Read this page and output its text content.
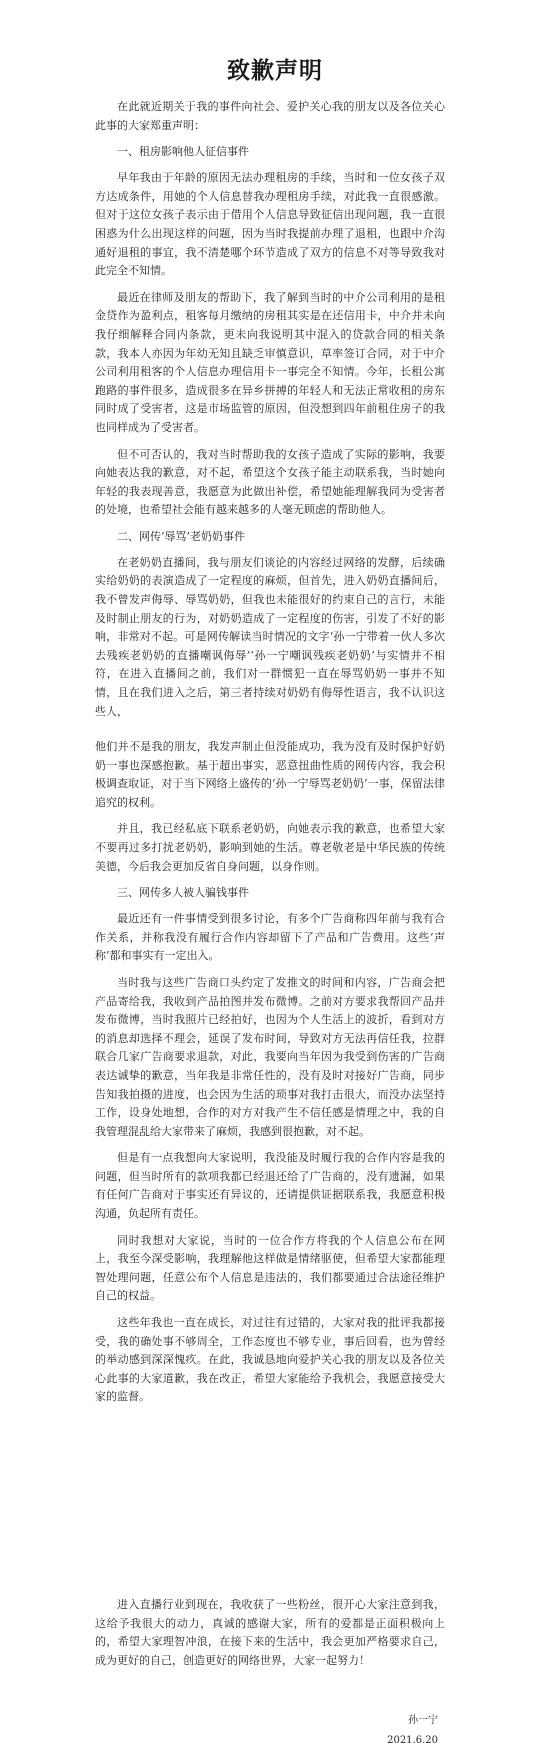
致歉声明

在此就近期关于我的事件向社会、爱护关心我的朋友以及各位关心此事的大家郑重声明：

一、租房影响他人征信事件

早年我由于年龄的原因无法办理租房的手续，当时和一位女孩子双方达成条件，用她的个人信息替我办理租房手续，对此我一直很感激。但对于这位女孩子表示由于借用个人信息导致征信出现问题，我一直很困惑为什么出现这样的问题，因为当时我提前办理了退租，也跟中介沟通好退租的事宜，我不清楚哪个环节造成了双方的信息不对等导致我对此完全不知情。

最近在律师及朋友的帮助下，我了解到当时的中介公司利用的是租金贷作为盈利点，租客每月缴纳的房租其实是在还信用卡，中介并未向我仔细解释合同内条款，更未向我说明其中混入的贷款合同的相关条款，我本人亦因为年幼无知且缺乏审慎意识，草率签订合同，对于中介公司利用租客的个人信息办理信用卡一事完全不知情。今年，长租公寓跑路的事件很多，造成很多在异乡拼搏的年轻人和无法正常收租的房东同时成了受害者，这是市场监管的原因，但没想到四年前租住房子的我也同样成为了受害者。

但不可否认的，我对当时帮助我的女孩子造成了实际的影响，我要向她表达我的歉意，对不起，希望这个女孩子能主动联系我，当时她向年轻的我表现善意，我愿意为此做出补偿，希望她能理解我同为受害者的处境，也希望社会能有越来越多的人毫无顾虑的帮助他人。

二、网传‘辱骂’老奶奶事件

在老奶奶直播间，我与朋友们谈论的内容经过网络的发酵，后续确实给奶奶的表演造成了一定程度的麻烦，但首先，进入奶奶直播间后，我不曾发声侮辱、辱骂奶奶，但我也未能很好的约束自己的言行，未能及时制止朋友的行为，对奶奶造成了一定程度的伤害，引发了不好的影响，非常对不起。可是网传解读当时情况的文字‘孙一宁带着一伙人多次去残疾老奶奶的直播嘲讽侮辱’‘孙一宁嘲讽残疾老奶奶’与实情并不相符，在进入直播间之前，我们对一群惯犯一直在辱骂奶奶一事并不知情，且在我们进入之后，第三者持续对奶奶有侮辱性语言，我不认识这些人，

他们并不是我的朋友，我发声制止但没能成功，我为没有及时保护好奶奶一事也深感抱歉。基于超出事实，恶意扭曲性质的网传内容，我会积极调查取证，对于当下网络上盛传的‘孙一宁辱骂老奶奶’一事，保留法律追究的权利。

并且，我已经私底下联系老奶奶，向她表示我的歉意，也希望大家不要再过多打扰老奶奶，影响到她的生活。尊老敬老是中华民族的传统美德，今后我会更加反省自身问题，以身作则。

三、网传多人被人骗钱事件

最近还有一件事情受到很多讨论，有多个广告商称四年前与我有合作关系，并称我没有履行合作内容却留下了产品和广告费用。这些‘声称’都和事实有一定出入。

当时我与这些广告商口头约定了发推文的时间和内容，广告商会把产品寄给我，我收到产品拍图并发布微博。之前对方要求我帮回产品并发布微博，当时我照片已经拍好，也因为个人生活上的波折，看到对方的消息却选择不理会，延误了发布时间，导致对方无法再信任我，拉群联合几家广告商要求退款，对此，我要向当年因为我受到伤害的广告商表达诚挚的歉意，当年我是非常任性的，没有及时对接好广告商，同步告知我拍摄的进度，也会因为生活的琐事对我打击很大，而没办法坚持工作，设身处地想，合作的对方对我产生不信任感是情理之中，我的自我管理混乱给大家带来了麻烦，我感到很抱歉，对不起。

但是有一点我想向大家说明，我没能及时履行我的合作内容是我的问题，但当时所有的款项我都已经退还给了广告商的，没有遗漏，如果有任何广告商对于事实还有异议的，还请提供证据联系我，我愿意积极沟通，负起所有责任。

同时我想对大家说，当时的一位合作方将我的个人信息公布在网上，我至今深受影响，我理解他这样做是情绪驱使，但希望大家都能理智处理问题，任意公布个人信息是违法的，我们都要通过合法途径维护自己的权益。

这些年我也一直在成长，对过往有过错的，大家对我的批评我都接受，我的确处事不够周全，工作态度也不够专业，事后回看，也为曾经的举动感到深深愧疚。在此，我诚恳地向爱护关心我的朋友以及各位关心此事的大家道歉，我在改正，希望大家能给予我机会，我愿意接受大家的监督。

进入直播行业到现在，我收获了一些粉丝，很开心大家注意到我，这给予我很大的动力，真诚的感谢大家，所有的爱都是正面积极向上的，希望大家理智冲浪，在接下来的生活中，我会更加严格要求自己，成为更好的自己，创造更好的网络世界，大家一起努力！

孙一宁
2021.6.20
